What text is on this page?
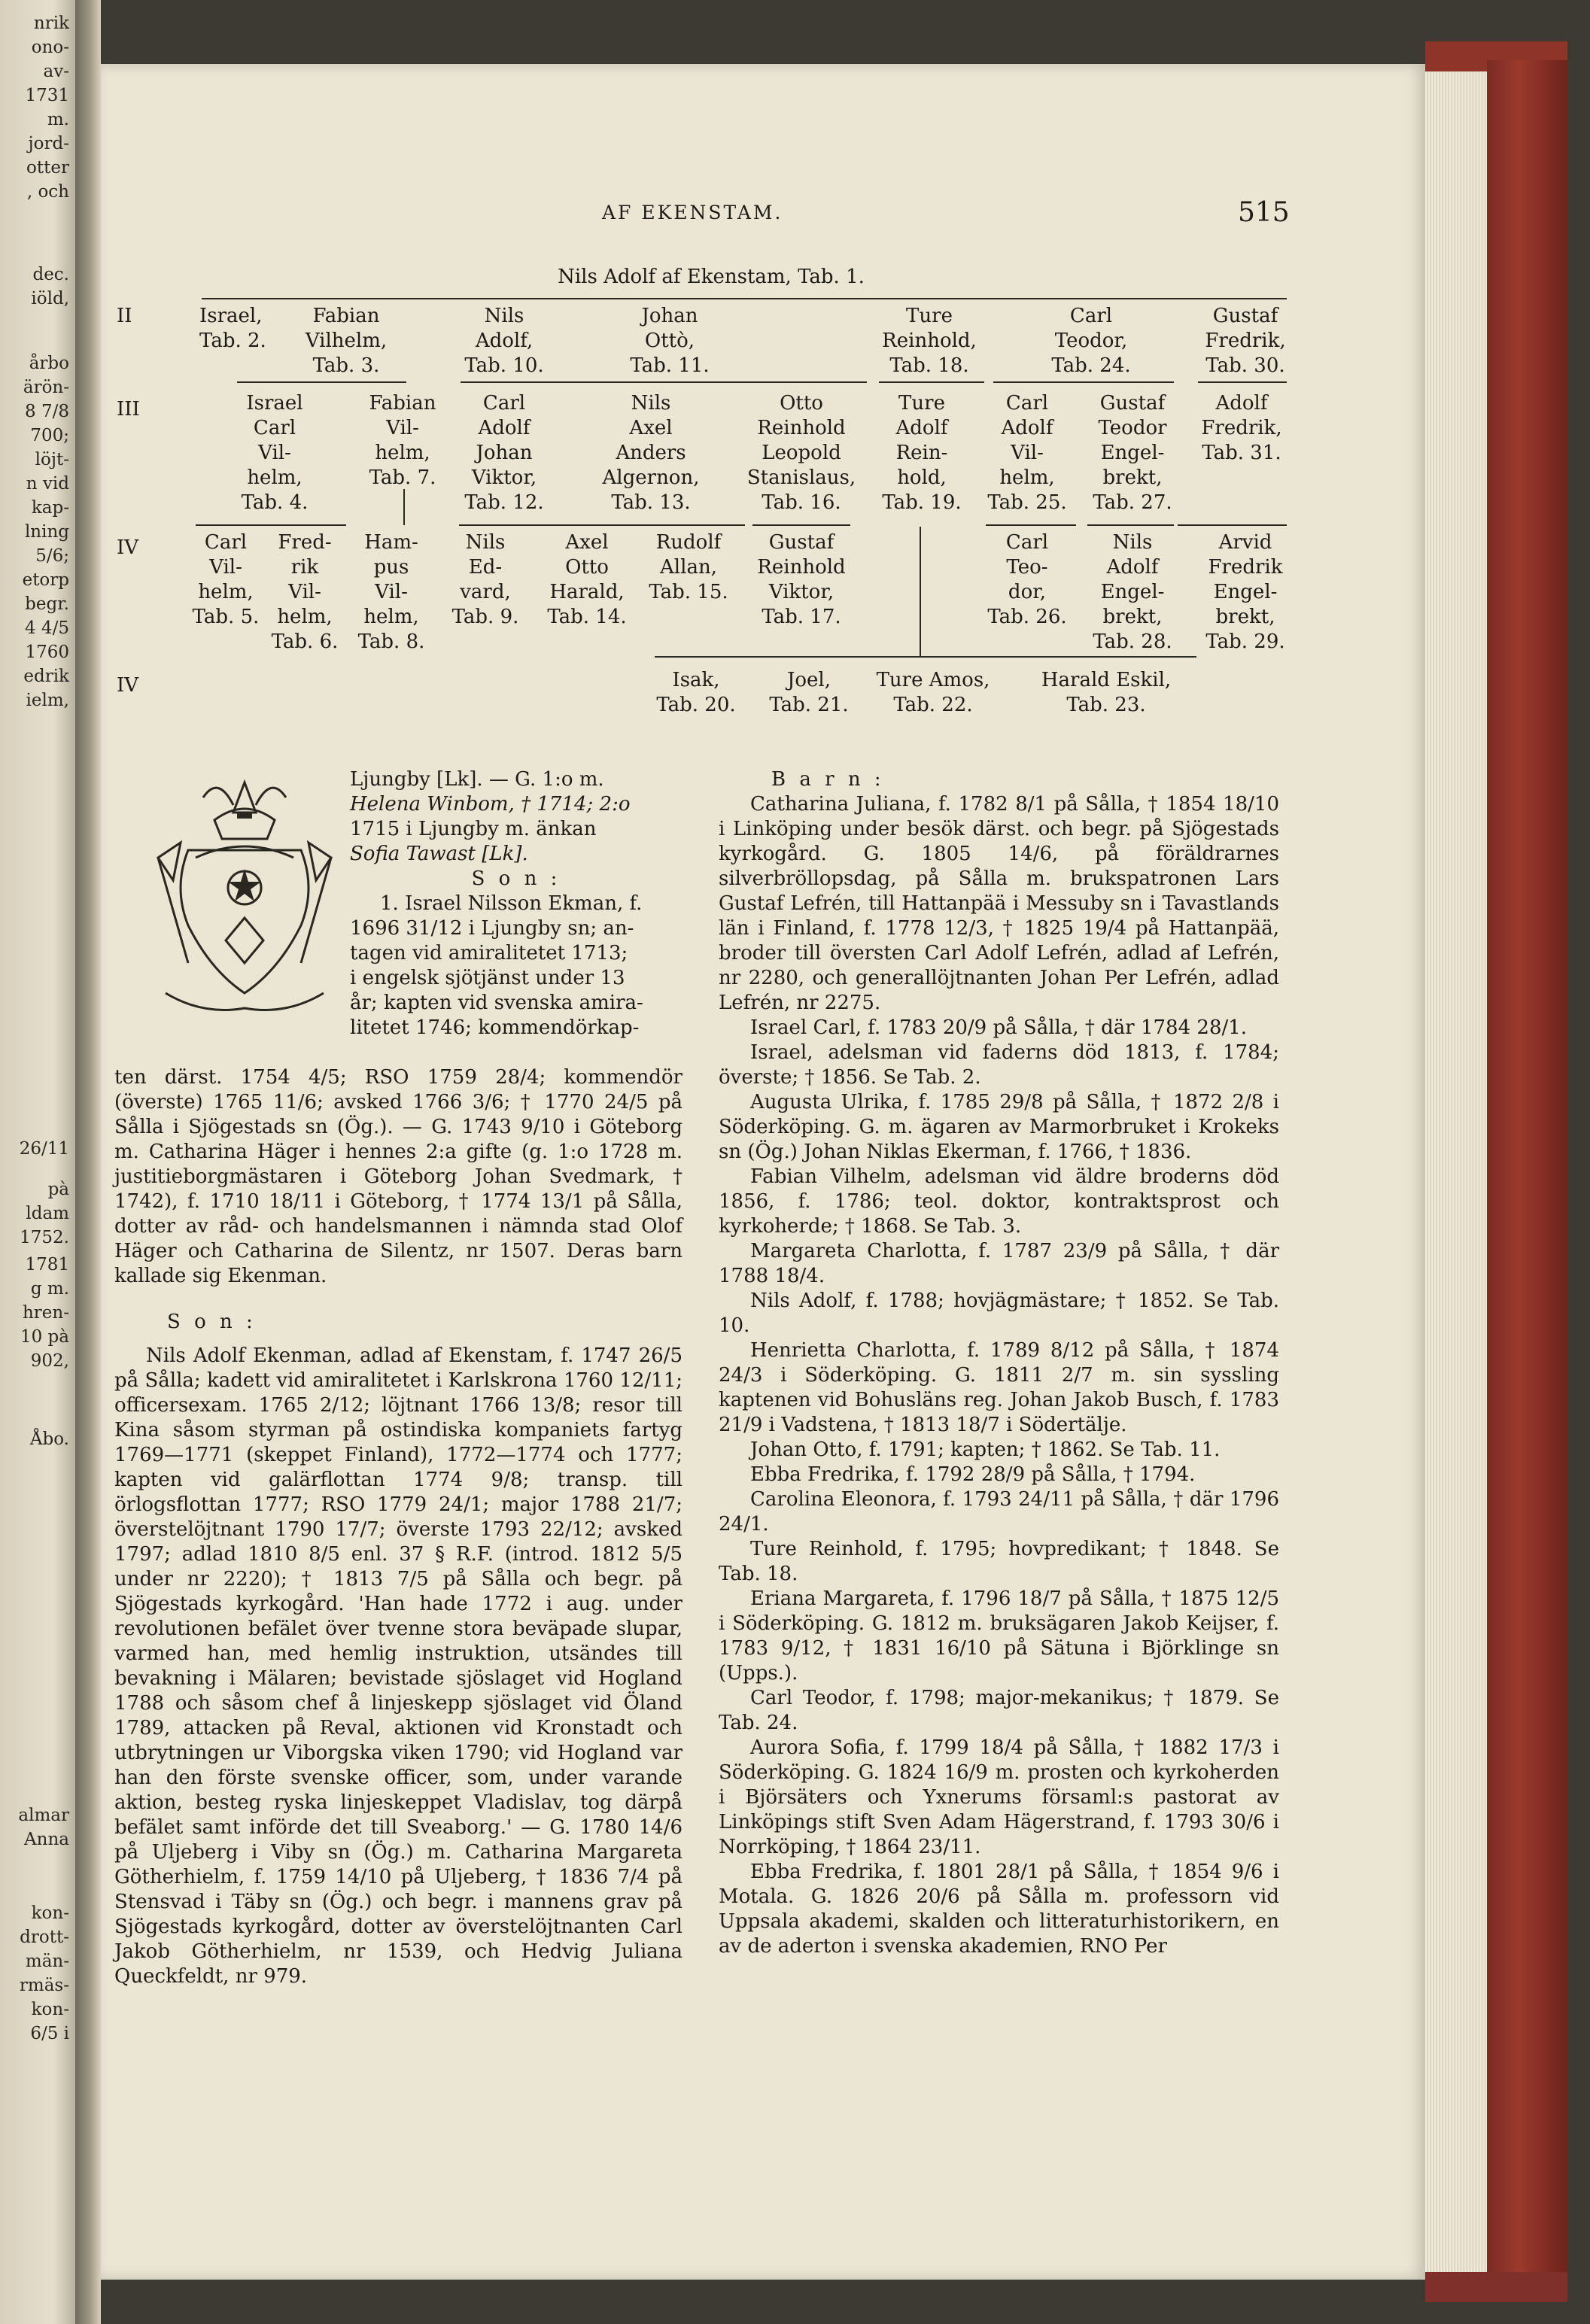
nrik
ono-
av-
1731
m.
jord-
otter
, och
dec.
iöld,
årbo
ärön-
8 7/8
700;
löjt-
n vid
kap-
lning
5/6;
etorp
begr.
4 4/5
1760
edrik
ielm,
26/11
pà
ldam
1752.
1781
g m.
hren-
10 pà
902,
Åbo.
almar
Anna
kon-
drott-
män-
rmäs-
kon-
6/5 i
AF EKENSTAM.	515
Nils Adolf af Ekenstam, Tab. 1.
II
III
IV
IV
Israel,
Tab. 2.
Fabian
Vilhelm,
Tab. 3.
Nils
Adolf,
Tab. 10.
Johan
Ottò,
Tab. 11.
Ture
Reinhold,
Tab. 18.
Carl
Teodor,
Tab. 24.
Gustaf
Fredrik,
Tab. 30.
Israel
Carl
Vil-
helm,
Tab. 4.
Fabian
Vil-
helm,
Tab. 7.
Carl
Adolf
Johan
Viktor,
Tab. 12.
Nils
Axel
Anders
Algernon,
Tab. 13.
Otto
Reinhold
Leopold
Stanislaus,
Tab. 16.
Ture
Adolf
Rein-
hold,
Tab. 19.
Carl
Adolf
Vil-
helm,
Tab. 25.
Gustaf
Teodor
Engel-
brekt,
Tab. 27.
Adolf
Fredrik,
Tab. 31.
Carl
Vil-
helm,
Tab. 5.
Fred-
rik
Vil-
helm,
Tab. 6.
Ham-
pus
Vil-
helm,
Tab. 8.
Nils
Ed-
vard,
Tab. 9.
Axel
Otto
Harald,
Tab. 14.
Rudolf
Allan,
Tab. 15.
Gustaf
Reinhold
Viktor,
Tab. 17.
Carl
Teo-
dor,
Tab. 26.
Nils
Adolf
Engel-
brekt,
Tab. 28.
Arvid
Fredrik
Engel-
brekt,
Tab. 29.
Isak,
Tab. 20.
Joel,
Tab. 21.
Ture Amos,
Tab. 22.
Harald Eskil,
Tab. 23.

Ljungby [Lk]. — G. 1:o m.

Helena Winbom, † 1714; 2:o

1715 i Ljungby m. änkan

Sofia Tawast [Lk].

S o n :

1. Israel Nilsson Ekman, f.

1696 31/12 i Ljungby sn; an-

tagen vid amiralitetet 1713;

i engelsk sjötjänst under 13

år; kapten vid svenska amira-

litetet 1746; kommendörkap-

ten därst. 1754 4/5; RSO 1759 28/4; kommendör (överste) 1765 11/6; avsked 1766 3/6; † 1770 24/5 på Sålla i Sjögestads sn (Ög.). — G. 1743 9/10 i Göteborg m. Catharina Häger i hennes 2:a gifte (g. 1:o 1728 m. justitieborgmästaren i Göteborg Johan Svedmark, † 1742), f. 1710 18/11 i Göteborg, † 1774 13/1 på Sålla, dotter av råd- och handelsmannen i nämnda stad Olof Häger och Catharina de Silentz, nr 1507. Deras barn kallade sig Ekenman.

S o n :

Nils Adolf Ekenman, adlad af Ekenstam, f. 1747 26/5 på Sålla; kadett vid amiralitetet i Karlskrona 1760 12/11; officersexam. 1765 2/12; löjtnant 1766 13/8; resor till Kina såsom styrman på ostindiska kompaniets fartyg 1769—1771 (skeppet Finland), 1772—1774 och 1777; kapten vid galärflottan 1774 9/8; transp. till örlogsflottan 1777; RSO 1779 24/1; major 1788 21/7; överstelöjtnant 1790 17/7; överste 1793 22/12; avsked 1797; adlad 1810 8/5 enl. 37 § R.F. (introd. 1812 5/5 under nr 2220); † 1813 7/5 på Sålla och begr. på Sjögestads kyrkogård. 'Han hade 1772 i aug. under revolutionen befälet över tvenne stora beväpade slupar, varmed han, med hemlig instruktion, utsändes till bevakning i Mälaren; bevistade sjöslaget vid Hogland 1788 och såsom chef å linjeskepp sjöslaget vid Öland 1789, attacken på Reval, aktionen vid Kronstadt och utbrytningen ur Viborgska viken 1790; vid Hogland var han den förste svenske officer, som, under varande aktion, besteg ryska linjeskeppet Vladislav, tog därpå befälet samt införde det till Sveaborg.' — G. 1780 14/6 på Uljeberg i Viby sn (Ög.) m. Catharina Margareta Götherhielm, f. 1759 14/10 på Uljeberg, † 1836 7/4 på Stensvad i Täby sn (Ög.) och begr. i mannens grav på Sjögestads kyrkogård, dotter av överstelöjtnanten Carl Jakob Götherhielm, nr 1539, och Hedvig Juliana Queckfeldt, nr 979.

B a r n :

Catharina Juliana, f. 1782 8/1 på Sålla, † 1854 18/10 i Linköping under besök därst. och begr. på Sjögestads kyrkogård. G. 1805 14/6, på föräldrarnes silverbröllopsdag, på Sålla m. brukspatronen Lars Gustaf Lefrén, till Hattanpää i Messuby sn i Tavastlands län i Finland, f. 1778 12/3, † 1825 19/4 på Hattanpää, broder till översten Carl Adolf Lefrén, adlad af Lefrén, nr 2280, och generallöjtnanten Johan Per Lefrén, adlad Lefrén, nr 2275.

Israel Carl, f. 1783 20/9 på Sålla, † där 1784 28/1.

Israel, adelsman vid faderns död 1813, f. 1784; överste; † 1856. Se Tab. 2.

Augusta Ulrika, f. 1785 29/8 på Sålla, † 1872 2/8 i Söderköping. G. m. ägaren av Marmorbruket i Krokeks sn (Ög.) Johan Niklas Ekerman, f. 1766, † 1836.

Fabian Vilhelm, adelsman vid äldre broderns död 1856, f. 1786; teol. doktor, kontraktsprost och kyrkoherde; † 1868. Se Tab. 3.

Margareta Charlotta, f. 1787 23/9 på Sålla, † där 1788 18/4.

Nils Adolf, f. 1788; hovjägmästare; † 1852. Se Tab. 10.

Henrietta Charlotta, f. 1789 8/12 på Sålla, † 1874 24/3 i Söderköping. G. 1811 2/7 m. sin syssling kaptenen vid Bohusläns reg. Johan Jakob Busch, f. 1783 21/9 i Vadstena, † 1813 18/7 i Södertälje.

Johan Otto, f. 1791; kapten; † 1862. Se Tab. 11.

Ebba Fredrika, f. 1792 28/9 på Sålla, † 1794.

Carolina Eleonora, f. 1793 24/11 på Sålla, † där 1796 24/1.

Ture Reinhold, f. 1795; hovpredikant; † 1848. Se Tab. 18.

Eriana Margareta, f. 1796 18/7 på Sålla, † 1875 12/5 i Söderköping. G. 1812 m. bruksägaren Jakob Keijser, f. 1783 9/12, † 1831 16/10 på Sätuna i Björklinge sn (Upps.).

Carl Teodor, f. 1798; major-mekanikus; † 1879. Se Tab. 24.

Aurora Sofia, f. 1799 18/4 på Sålla, † 1882 17/3 i Söderköping. G. 1824 16/9 m. prosten och kyrkoherden i Björsäters och Yxnerums församl:s pastorat av Linköpings stift Sven Adam Hägerstrand, f. 1793 30/6 i Norrköping, † 1864 23/11.

Ebba Fredrika, f. 1801 28/1 på Sålla, † 1854 9/6 i Motala. G. 1826 20/6 på Sålla m. professorn vid Uppsala akademi, skalden och litteraturhistorikern, en av de aderton i svenska akademien, RNO Per
